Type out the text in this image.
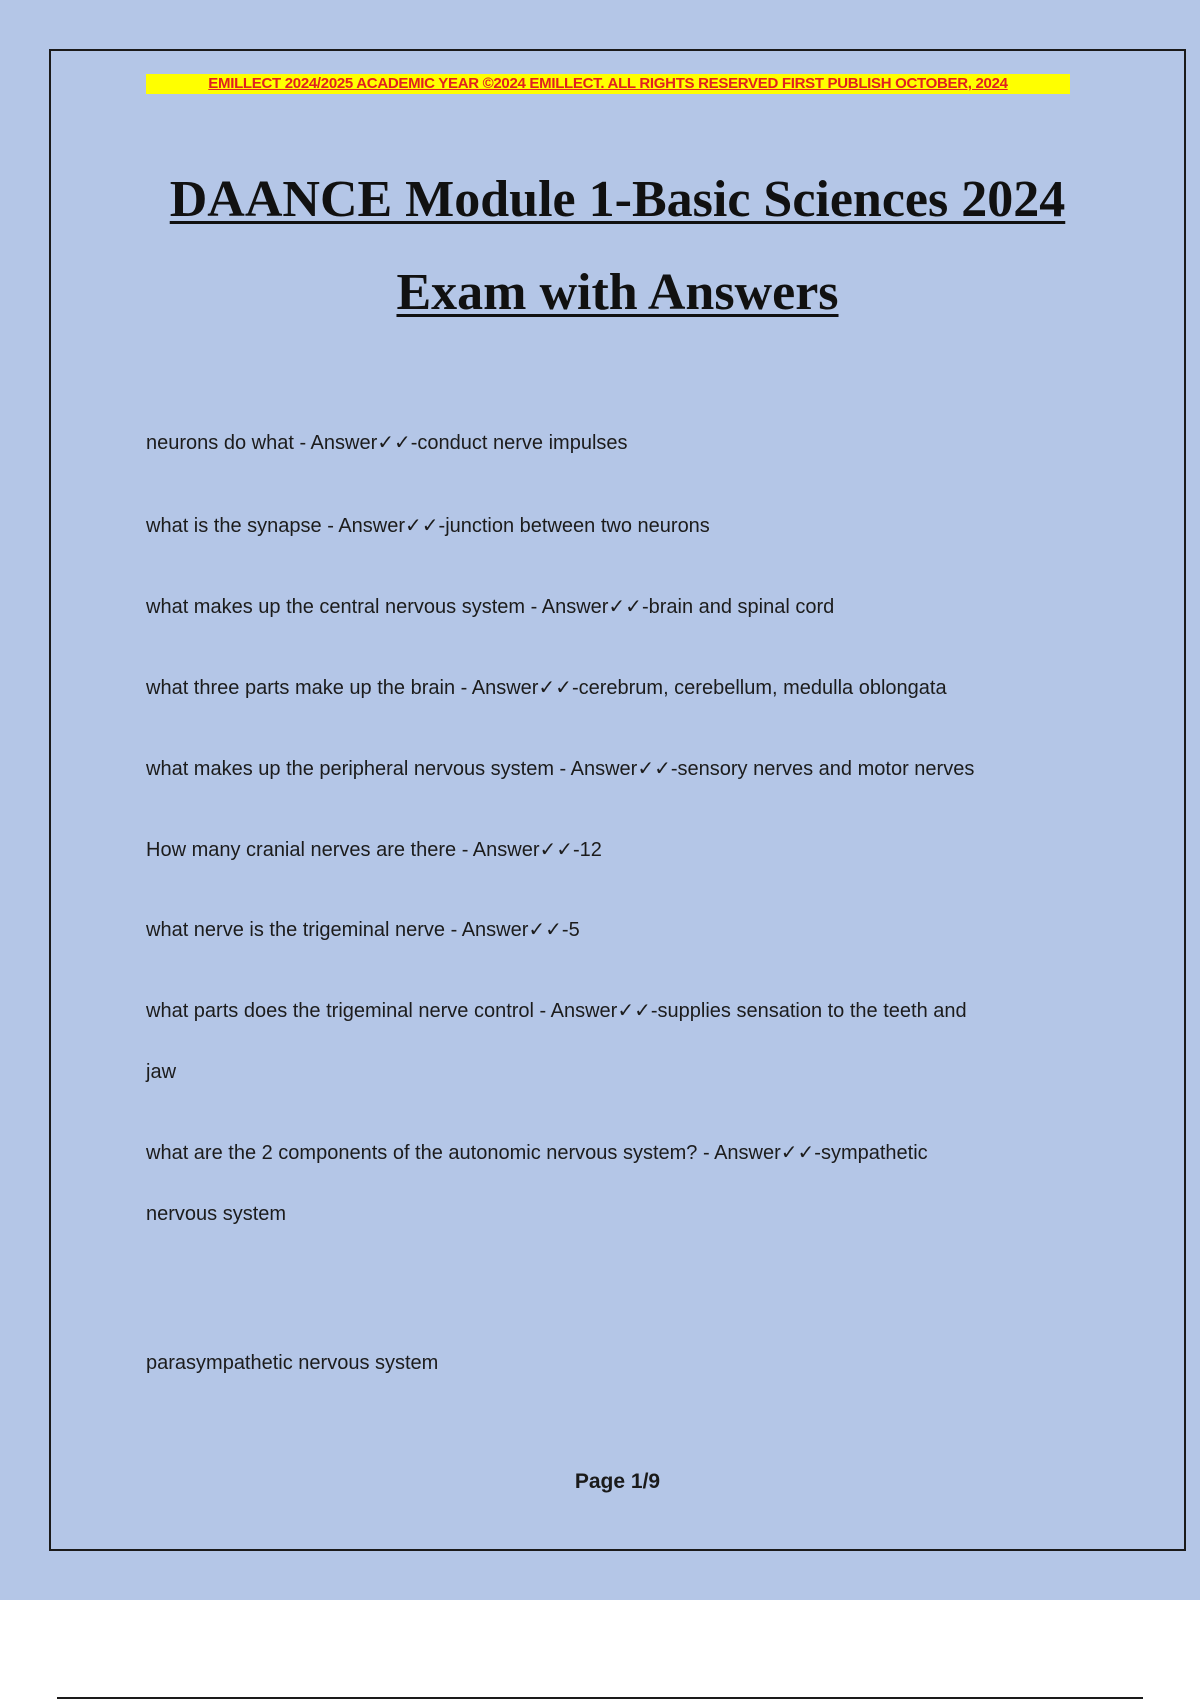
EMILLECT 2024/2025 ACADEMIC YEAR ©2024 EMILLECT. ALL RIGHTS RESERVED FIRST PUBLISH OCTOBER, 2024
DAANCE Module 1-Basic Sciences 2024
Exam with Answers
neurons do what - Answer✓✓-conduct nerve impulses
what is the synapse - Answer✓✓-junction between two neurons
what makes up the central nervous system - Answer✓✓-brain and spinal cord
what three parts make up the brain - Answer✓✓-cerebrum, cerebellum, medulla oblongata
what makes up the peripheral nervous system - Answer✓✓-sensory nerves and motor nerves
How many cranial nerves are there - Answer✓✓-12
what nerve is the trigeminal nerve - Answer✓✓-5
what parts does the trigeminal nerve control - Answer✓✓-supplies sensation to the teeth and
jaw
what are the 2 components of the autonomic nervous system? - Answer✓✓-sympathetic
nervous system
parasympathetic nervous system
Page 1/9
